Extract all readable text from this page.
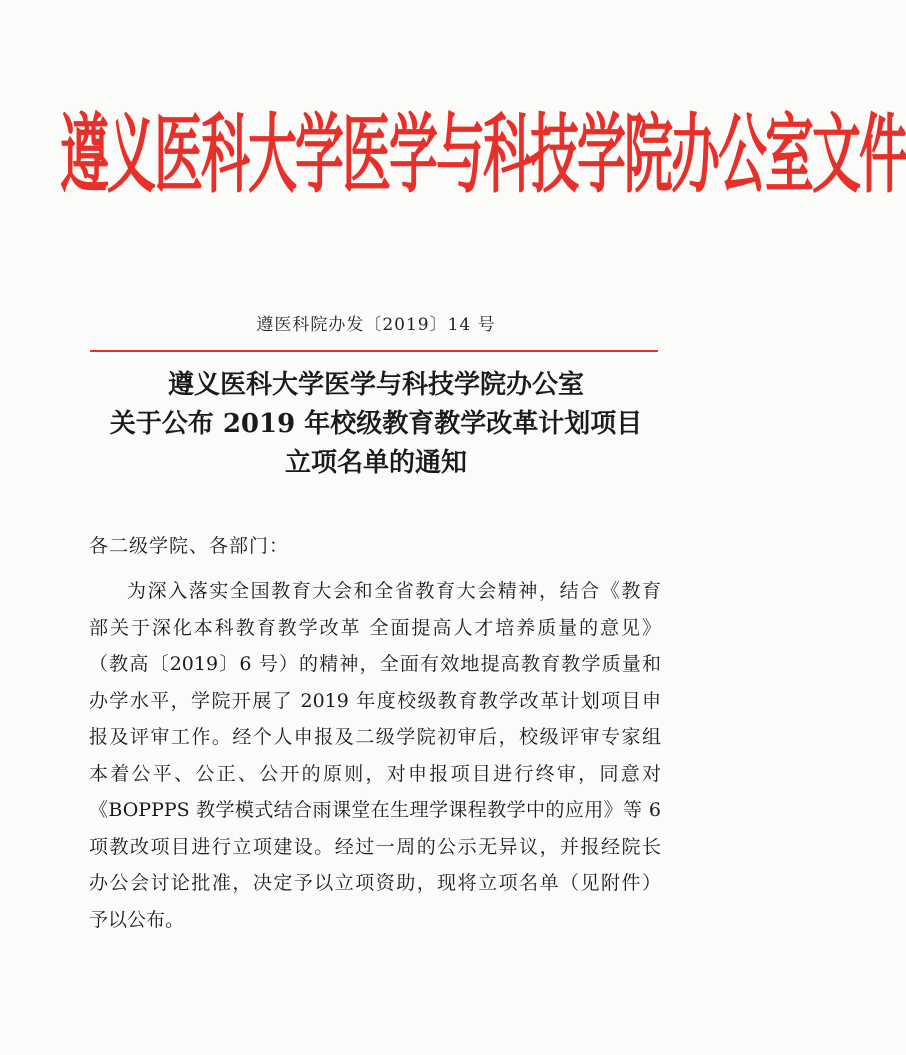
遵义医科大学医学与科技学院办公室文件
遵医科院办发〔2019〕14 号
遵义医科大学医学与科技学院办公室
关于公布 2019 年校级教育教学改革计划项目
立项名单的通知
各二级学院、各部门：
为深入落实全国教育大会和全省教育大会精神，结合《教育
部关于深化本科教育教学改革 全面提高人才培养质量的意见》
（教高〔2019〕6 号）的精神，全面有效地提高教育教学质量和
办学水平，学院开展了 2019 年度校级教育教学改革计划项目申
报及评审工作。经个人申报及二级学院初审后，校级评审专家组
本着公平、公正、公开的原则，对申报项目进行终审，同意对
《BOPPPS 教学模式结合雨课堂在生理学课程教学中的应用》等 6
项教改项目进行立项建设。经过一周的公示无异议，并报经院长
办公会讨论批准，决定予以立项资助，现将立项名单（见附件）
予以公布。
